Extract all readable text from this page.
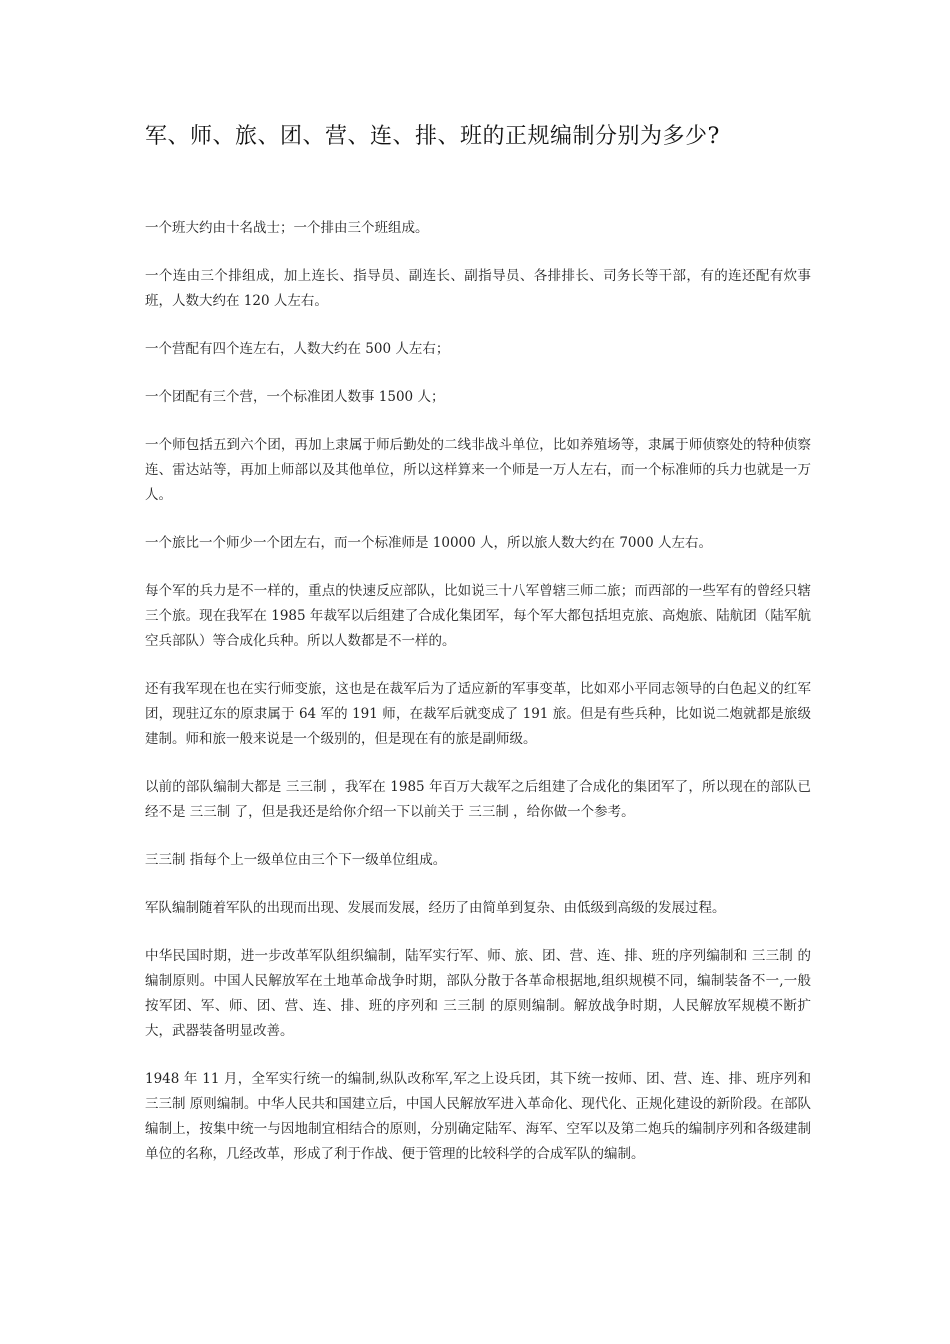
军、师、旅、团、营、连、排、班的正规编制分别为多少?

一个班大约由十名战士；一个排由三个班组成。

一个连由三个排组成，加上连长、指导员、副连长、副指导员、各排排长、司务长等干部，有的连还配有炊事班，人数大约在 120 人左右。

一个营配有四个连左右，人数大约在 500 人左右；

一个团配有三个营，一个标准团人数事 1500 人；

一个师包括五到六个团，再加上隶属于师后勤处的二线非战斗单位，比如养殖场等，隶属于师侦察处的特种侦察连、雷达站等，再加上师部以及其他单位，所以这样算来一个师是一万人左右，而一个标准师的兵力也就是一万人。

一个旅比一个师少一个团左右，而一个标准师是 10000 人，所以旅人数大约在 7000 人左右。

每个军的兵力是不一样的，重点的快速反应部队，比如说三十八军曾辖三师二旅；而西部的一些军有的曾经只辖三个旅。现在我军在 1985 年裁军以后组建了合成化集团军，每个军大都包括坦克旅、高炮旅、陆航团（陆军航空兵部队）等合成化兵种。所以人数都是不一样的。

还有我军现在也在实行师变旅，这也是在裁军后为了适应新的军事变革，比如邓小平同志领导的白色起义的红军团，现驻辽东的原隶属于 64 军的 191 师，在裁军后就变成了 191 旅。但是有些兵种，比如说二炮就都是旅级建制。师和旅一般来说是一个级别的，但是现在有的旅是副师级。

以前的部队编制大都是 三三制 ，我军在 1985 年百万大裁军之后组建了合成化的集团军了，所以现在的部队已经不是 三三制 了，但是我还是给你介绍一下以前关于 三三制 ，给你做一个参考。

三三制 指每个上一级单位由三个下一级单位组成。

军队编制随着军队的出现而出现、发展而发展，经历了由简单到复杂、由低级到高级的发展过程。

中华民国时期，进一步改革军队组织编制，陆军实行军、师、旅、团、营、连、排、班的序列编制和 三三制 的编制原则。中国人民解放军在土地革命战争时期，部队分散于各革命根据地,组织规模不同，编制装备不一,一般按军团、军、师、团、营、连、排、班的序列和 三三制 的原则编制。解放战争时期，人民解放军规模不断扩大，武器装备明显改善。

1948 年 11 月，全军实行统一的编制,纵队改称军,军之上设兵团，其下统一按师、团、营、连、排、班序列和 三三制 原则编制。中华人民共和国建立后，中国人民解放军进入革命化、现代化、正规化建设的新阶段。在部队编制上，按集中统一与因地制宜相结合的原则，分别确定陆军、海军、空军以及第二炮兵的编制序列和各级建制单位的名称，几经改革，形成了利于作战、便于管理的比较科学的合成军队的编制。
